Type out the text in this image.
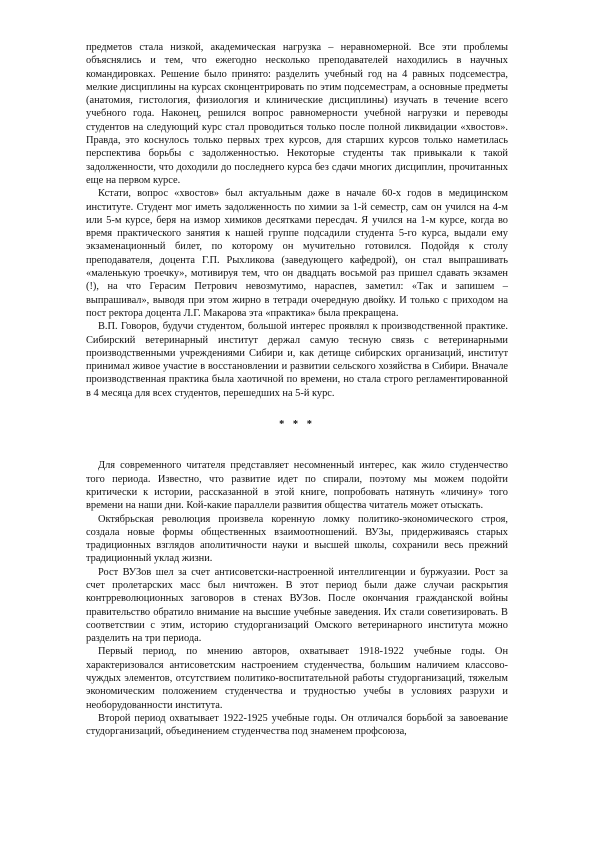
предметов стала низкой, академическая нагрузка – неравномерной. Все эти проблемы объяснялись и тем, что ежегодно несколько преподавателей находились в научных командировках. Решение было принято: разделить учебный год на 4 равных подсеместра, мелкие дисциплины на курсах сконцентрировать по этим подсеместрам, а основные предметы (анатомия, гистология, физиология и клинические дисциплины) изучать в течение всего учебного года. Наконец, решился вопрос равномерности учебной нагрузки и переводы студентов на следующий курс стал проводиться только после полной ликвидации «хвостов». Правда, это коснулось только первых трех курсов, для старших курсов только наметилась перспектива борьбы с задолженностью. Некоторые студенты так привыкали к такой задолженности, что доходили до последнего курса без сдачи многих дисциплин, прочитанных еще на первом курсе.

Кстати, вопрос «хвостов» был актуальным даже в начале 60-х годов в медицинском институте. Студент мог иметь задолженность по химии за 1-й семестр, сам он учился на 4-м или 5-м курсе, беря на измор химиков десятками пересдач. Я учился на 1-м курсе, когда во время практического занятия к нашей группе подсадили студента 5-го курса, выдали ему экзаменационный билет, по которому он мучительно готовился. Подойдя к столу преподавателя, доцента Г.П. Рыхликова (заведующего кафедрой), он стал выпрашивать «маленькую троечку», мотивируя тем, что он двадцать восьмой раз пришел сдавать экзамен (!), на что Герасим Петрович невозмутимо, нараспев, заметил: «Так и запишем – выпрашивал», выводя при этом жирно в тетради очередную двойку. И только с приходом на пост ректора доцента Л.Г. Макарова эта «практика» была прекращена.

В.П. Говоров, будучи студентом, большой интерес проявлял к производственной практике. Сибирский ветеринарный институт держал самую тесную связь с ветеринарными производственными учреждениями Сибири и, как детище сибирских организаций, институт принимал живое участие в восстановлении и развитии сельского хозяйства в Сибири. Вначале производственная практика была хаотичной по времени, но стала строго регламентированной в 4 месяца для всех студентов, перешедших на 5-й курс.

* * *

Для современного читателя представляет несомненный интерес, как жило студенчество того периода. Известно, что развитие идет по спирали, поэтому мы можем подойти критически к истории, рассказанной в этой книге, попробовать натянуть «личину» того времени на наши дни. Кой-какие параллели развития общества читатель может отыскать.

Октябрьская революция произвела коренную ломку политико-экономического строя, создала новые формы общественных взаимоотношений. ВУЗы, придерживаясь старых традиционных взглядов аполитичности науки и высшей школы, сохранили весь прежний традиционный уклад жизни.

Рост ВУЗов шел за счет антисоветски-настроенной интеллигенции и буржуазии. Рост за счет пролетарских масс был ничтожен. В этот период были даже случаи раскрытия контрреволюционных заговоров в стенах ВУЗов. После окончания гражданской войны правительство обратило внимание на высшие учебные заведения. Их стали советизировать. В соответствии с этим, историю студорганизаций Омского ветеринарного института можно разделить на три периода.

Первый период, по мнению авторов, охватывает 1918-1922 учебные годы. Он характеризовался антисоветским настроением студенчества, большим наличием классово-чуждых элементов, отсутствием политико-воспитательной работы студорганизаций, тяжелым экономическим положением студенчества и трудностью учебы в условиях разрухи и необорудованности института.

Второй период охватывает 1922-1925 учебные годы. Он отличался борьбой за завоевание студорганизаций, объединением студенчества под знаменем профсоюза,
